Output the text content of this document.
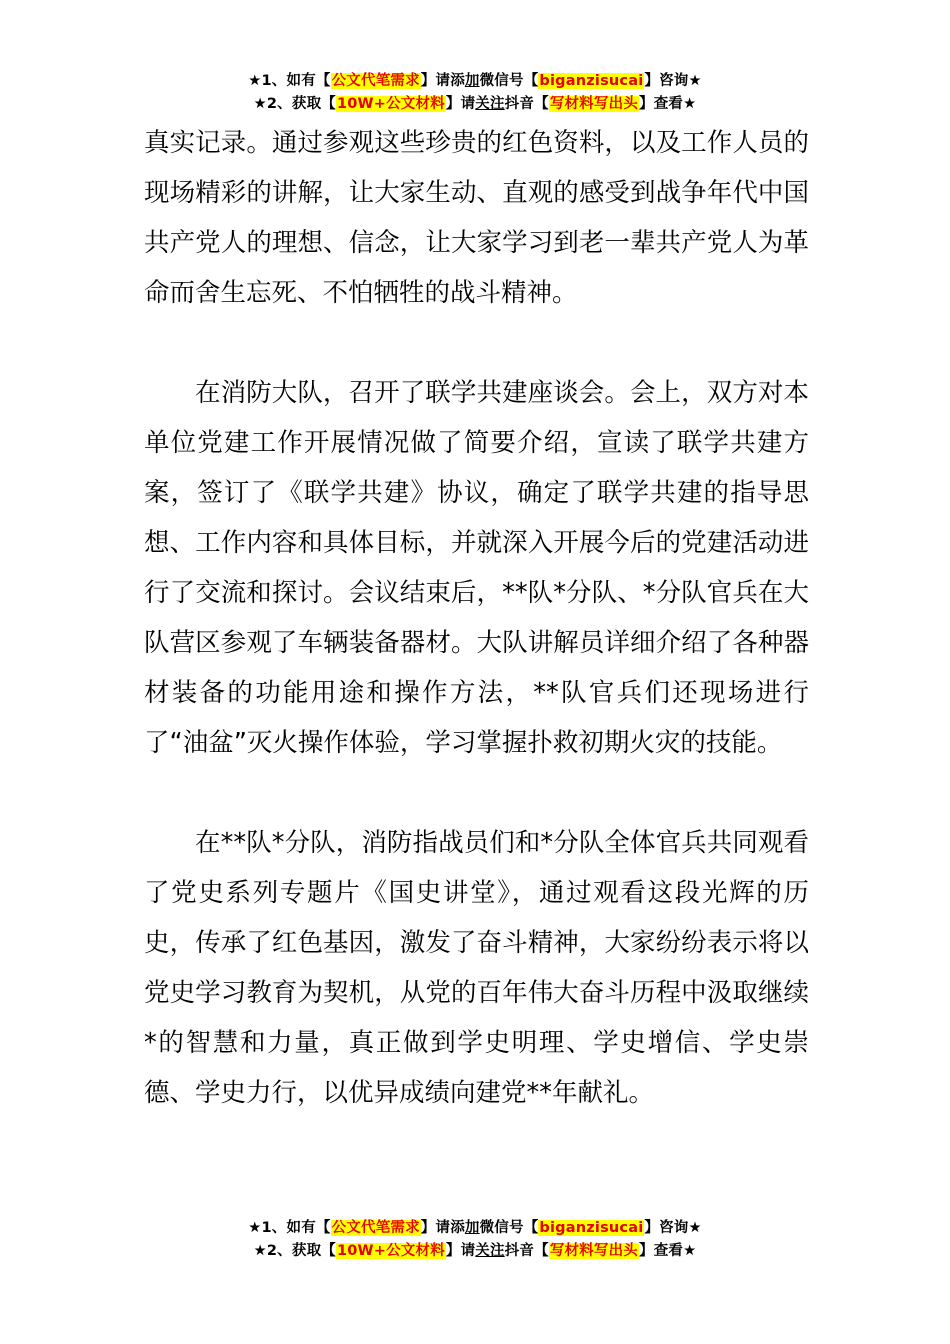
★1、如有【公文代笔需求】请添加微信号【biganzisucai】咨询★
★2、获取【10W+公文材料】请关注抖音【写材料写出头】查看★

真实记录。通过参观这些珍贵的红色资料，以及工作人员的现场精彩的讲解，让大家生动、直观的感受到战争年代中国共产党人的理想、信念，让大家学习到老一辈共产党人为革命而舍生忘死、不怕牺牲的战斗精神。

在消防大队，召开了联学共建座谈会。会上，双方对本单位党建工作开展情况做了简要介绍，宣读了联学共建方案，签订了《联学共建》协议，确定了联学共建的指导思想、工作内容和具体目标，并就深入开展今后的党建活动进行了交流和探讨。会议结束后，**队*分队、*分队官兵在大队营区参观了车辆装备器材。大队讲解员详细介绍了各种器材装备的功能用途和操作方法，**队官兵们还现场进行了“油盆”灭火操作体验，学习掌握扑救初期火灾的技能。

在**队*分队，消防指战员们和*分队全体官兵共同观看了党史系列专题片《国史讲堂》，通过观看这段光辉的历史，传承了红色基因，激发了奋斗精神，大家纷纷表示将以党史学习教育为契机，从党的百年伟大奋斗历程中汲取继续*的智慧和力量，真正做到学史明理、学史增信、学史崇德、学史力行，以优异成绩向建党**年献礼。

★1、如有【公文代笔需求】请添加微信号【biganzisucai】咨询★
★2、获取【10W+公文材料】请关注抖音【写材料写出头】查看★
